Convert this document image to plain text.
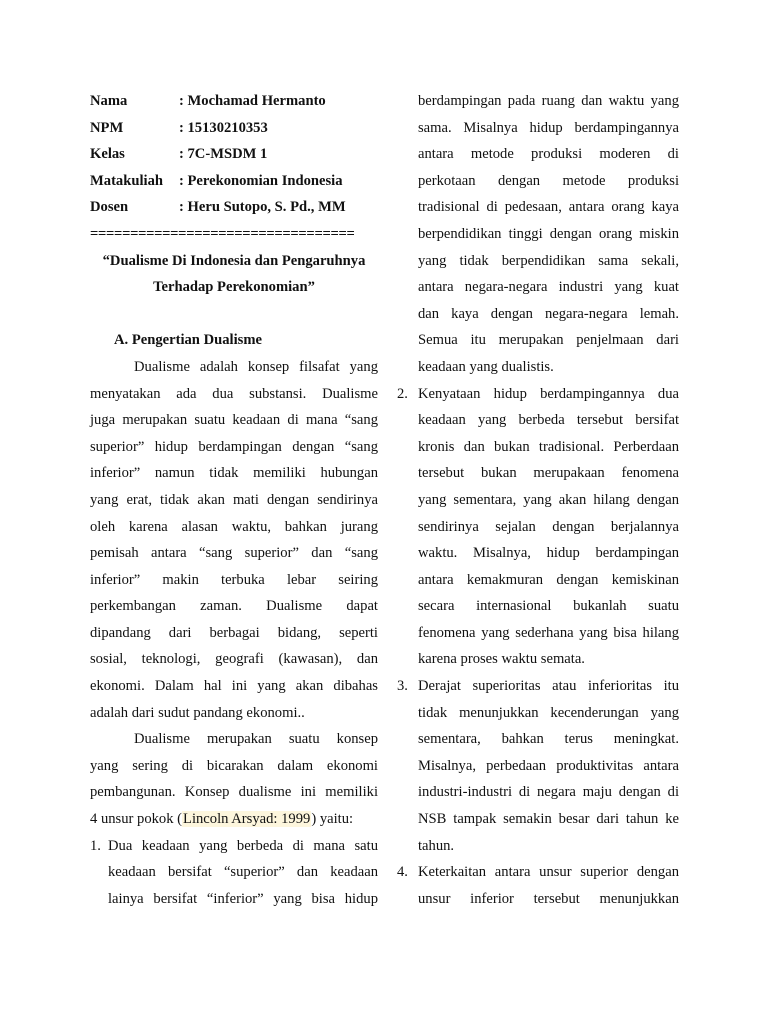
Nama	: Mochamad Hermanto
NPM	: 15130210353
Kelas	: 7C-MSDM 1
Matakuliah	: Perekonomian Indonesia
Dosen	: Heru Sutopo, S. Pd., MM
=================================
“Dualisme Di Indonesia dan Pengaruhnya
Terhadap Perekonomian”
A. Pengertian Dualisme
Dualisme adalah konsep filsafat yang
menyatakan ada dua substansi. Dualisme
juga merupakan suatu keadaan di mana “sang
superior” hidup berdampingan dengan “sang
inferior” namun tidak memiliki hubungan
yang erat, tidak akan mati dengan sendirinya
oleh karena alasan waktu, bahkan jurang
pemisah antara “sang superior” dan “sang
inferior” makin terbuka lebar seiring
perkembangan zaman. Dualisme dapat
dipandang dari berbagai bidang, seperti
sosial, teknologi, geografi (kawasan), dan
ekonomi. Dalam hal ini yang akan dibahas
adalah dari sudut pandang ekonomi..
Dualisme merupakan suatu konsep
yang sering di bicarakan dalam ekonomi
pembangunan. Konsep dualisme ini memiliki
4 unsur pokok (Lincoln Arsyad: 1999) yaitu:
1. Dua keadaan yang berbeda di mana satu
keadaan bersifat “superior” dan keadaan
lainya bersifat “inferior” yang bisa hidup
berdampingan pada ruang dan waktu yang
sama. Misalnya hidup berdampingannya
antara metode produksi moderen di
perkotaan dengan metode produksi
tradisional di pedesaan, antara orang kaya
berpendidikan tinggi dengan orang miskin
yang tidak berpendidikan sama sekali,
antara negara-negara industri yang kuat
dan kaya dengan negara-negara lemah.
Semua itu merupakan penjelmaan dari
keadaan yang dualistis.
2. Kenyataan hidup berdampingannya dua
keadaan yang berbeda tersebut bersifat
kronis dan bukan tradisional. Perberdaan
tersebut bukan merupakaan fenomena
yang sementara, yang akan hilang dengan
sendirinya sejalan dengan berjalannya
waktu. Misalnya, hidup berdampingan
antara kemakmuran dengan kemiskinan
secara internasional bukanlah suatu
fenomena yang sederhana yang bisa hilang
karena proses waktu semata.
3. Derajat superioritas atau inferioritas itu
tidak menunjukkan kecenderungan yang
sementara, bahkan terus meningkat.
Misalnya, perbedaan produktivitas antara
industri-industri di negara maju dengan di
NSB tampak semakin besar dari tahun ke
tahun.
4. Keterkaitan antara unsur superior dengan
unsur inferior tersebut menunjukkan
